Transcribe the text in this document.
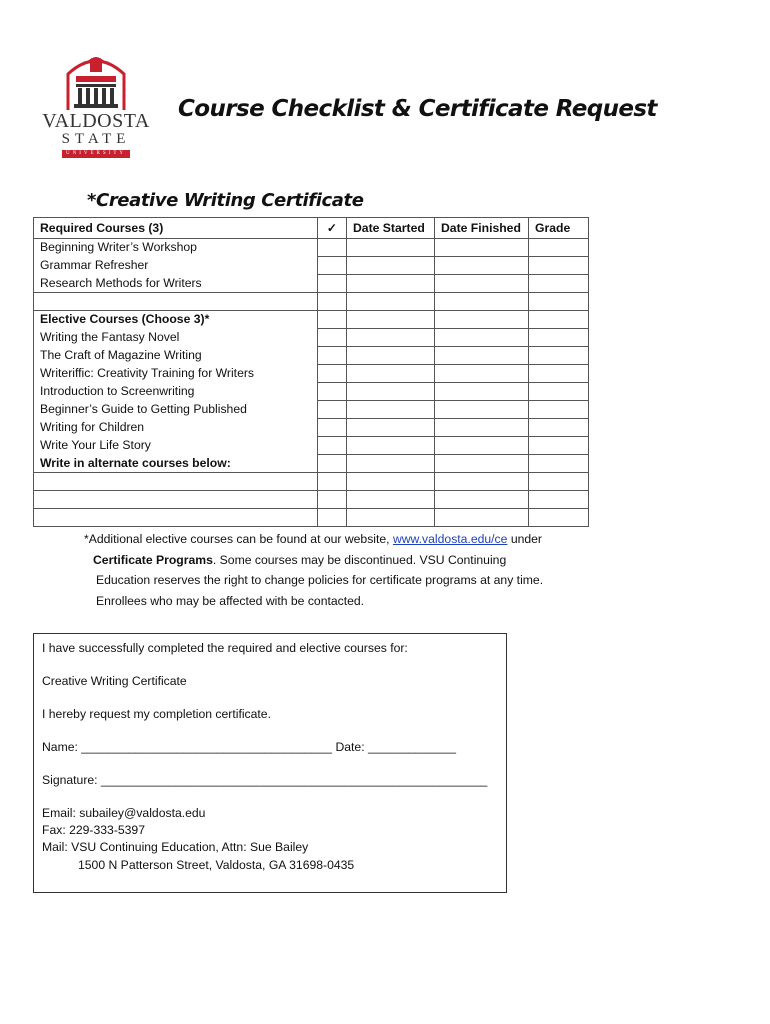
VALDOSTA
STATE
UNIVERSITY
Course Checklist & Certificate Request
*Creative Writing Certificate
Required Courses (3)	✓	Date Started	Date Finished	Grade
Beginning Writer’s Workshop				
Grammar Refresher				
Research Methods for Writers				

Elective Courses (Choose 3)*				
Writing the Fantasy Novel				
The Craft of Magazine Writing				
Writeriffic: Creativity Training for Writers				
Introduction to Screenwriting				
Beginner’s Guide to Getting Published				
Writing for Children				
Write Your Life Story				
Write in alternate courses below:				

*Additional elective courses can be found at our website, www.valdosta.edu/ce under
Certificate Programs. Some courses may be discontinued. VSU Continuing
Education reserves the right to change policies for certificate programs at any time.
Enrollees who may be affected with be contacted.
I have successfully completed the required and elective courses for:
Creative Writing Certificate
I hereby request my completion certificate.
Name: _____________________________________ Date: _____________
Signature: _________________________________________________________
Email: subailey@valdosta.edu
Fax: 229-333-5397
Mail: VSU Continuing Education, Attn: Sue Bailey
1500 N Patterson Street, Valdosta, GA 31698-0435
